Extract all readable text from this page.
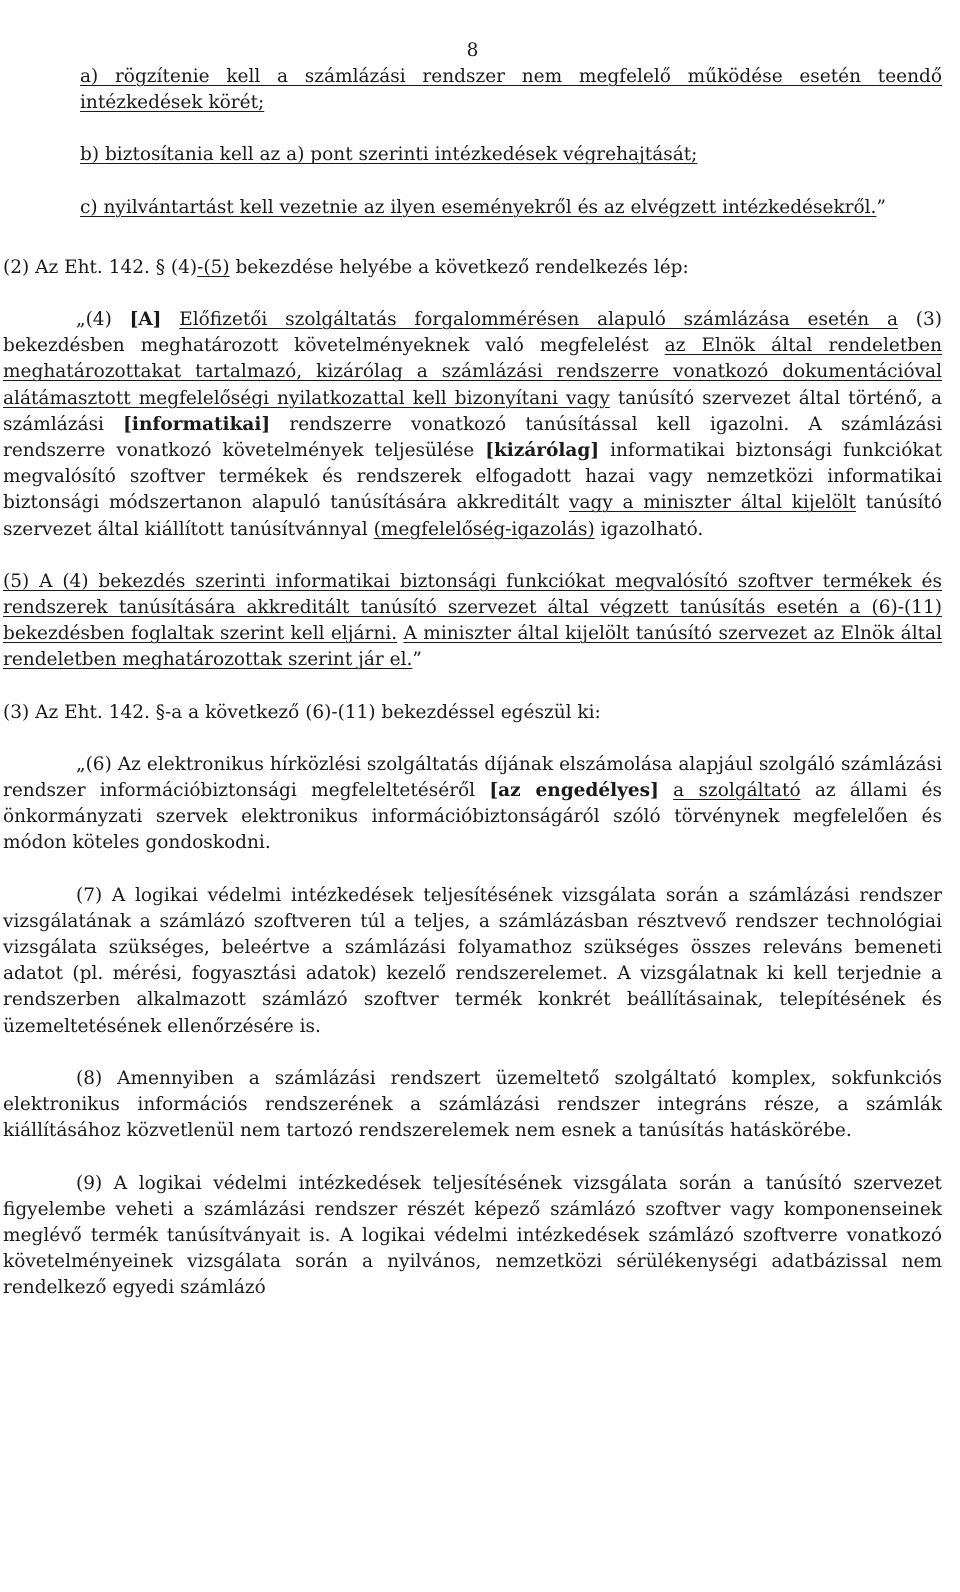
8

a) rögzítenie kell a számlázási rendszer nem megfelelő működése esetén teendő intézkedések körét;

b) biztosítania kell az a) pont szerinti intézkedések végrehajtását;

c) nyilvántartást kell vezetnie az ilyen eseményekről és az elvégzett intézkedésekről.”

(2) Az Eht. 142. § (4)-(5) bekezdése helyébe a következő rendelkezés lép:

„(4) [A] Előfizetői szolgáltatás forgalommérésen alapuló számlázása esetén a (3) bekezdésben meghatározott követelményeknek való megfelelést az Elnök által rendeletben meghatározottakat tartalmazó, kizárólag a számlázási rendszerre vonatkozó dokumentációval alátámasztott megfelelőségi nyilatkozattal kell bizonyítani vagy tanúsító szervezet által történő, a számlázási [informatikai] rendszerre vonatkozó tanúsítással kell igazolni. A számlázási rendszerre vonatkozó követelmények teljesülése [kizárólag] informatikai biztonsági funkciókat megvalósító szoftver termékek és rendszerek elfogadott hazai vagy nemzetközi informatikai biztonsági módszertanon alapuló tanúsítására akkreditált vagy a miniszter által kijelölt tanúsító szervezet által kiállított tanúsítvánnyal (megfelelőség-igazolás) igazolható.

(5) A (4) bekezdés szerinti informatikai biztonsági funkciókat megvalósító szoftver termékek és rendszerek tanúsítására akkreditált tanúsító szervezet által végzett tanúsítás esetén a (6)-(11) bekezdésben foglaltak szerint kell eljárni. A miniszter által kijelölt tanúsító szervezet az Elnök által rendeletben meghatározottak szerint jár el.”

(3) Az Eht. 142. §-a a következő (6)-(11) bekezdéssel egészül ki:

„(6) Az elektronikus hírközlési szolgáltatás díjának elszámolása alapjául szolgáló számlázási rendszer információbiztonsági megfeleltetéséről [az engedélyes] a szolgáltató az állami és önkormányzati szervek elektronikus információbiztonságáról szóló törvénynek megfelelően és módon köteles gondoskodni.

(7) A logikai védelmi intézkedések teljesítésének vizsgálata során a számlázási rendszer vizsgálatának a számlázó szoftveren túl a teljes, a számlázásban résztvevő rendszer technológiai vizsgálata szükséges, beleértve a számlázási folyamathoz szükséges összes releváns bemeneti adatot (pl. mérési, fogyasztási adatok) kezelő rendszerelemet. A vizsgálatnak ki kell terjednie a rendszerben alkalmazott számlázó szoftver termék konkrét beállításainak, telepítésének és üzemeltetésének ellenőrzésére is.

(8) Amennyiben a számlázási rendszert üzemeltető szolgáltató komplex, sokfunkciós elektronikus információs rendszerének a számlázási rendszer integráns része, a számlák kiállításához közvetlenül nem tartozó rendszerelemek nem esnek a tanúsítás hatáskörébe.

(9) A logikai védelmi intézkedések teljesítésének vizsgálata során a tanúsító szervezet figyelembe veheti a számlázási rendszer részét képező számlázó szoftver vagy komponenseinek meglévő termék tanúsítványait is. A logikai védelmi intézkedések számlázó szoftverre vonatkozó követelményeinek vizsgálata során a nyilvános, nemzetközi sérülékenységi adatbázissal nem rendelkező egyedi számlázó
